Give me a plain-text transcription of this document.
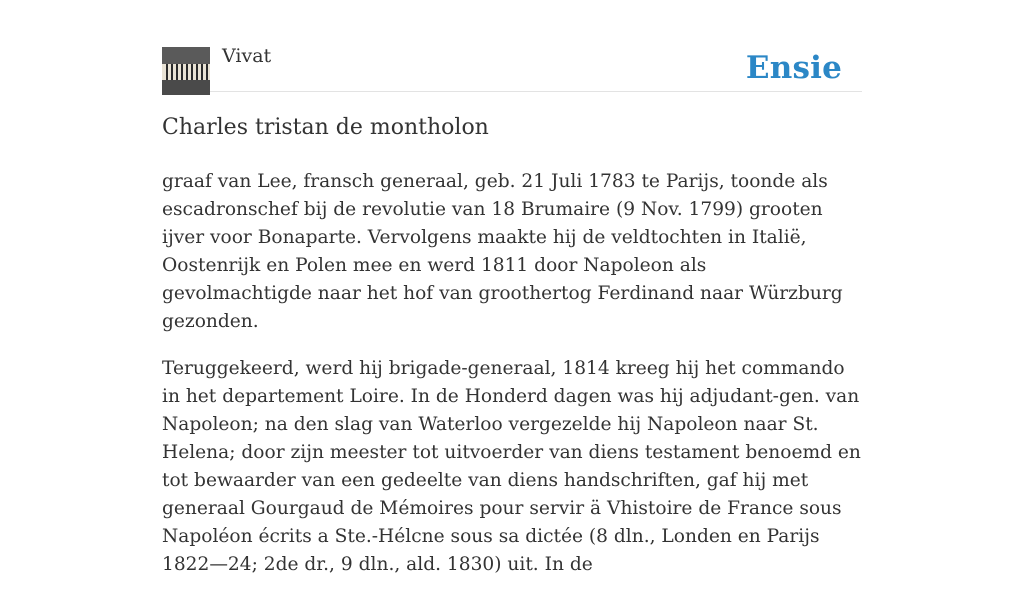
Vivat	Ensie
Charles tristan de montholon

graaf van Lee, fransch generaal, geb. 21 Juli 1783 te Parijs, toonde als escadronschef bij de revolutie van 18 Brumaire (9 Nov. 1799) grooten ijver voor Bonaparte. Vervolgens maakte hij de veldtochten in Italië, Oostenrijk en Polen mee en werd 1811 door Napoleon als gevolmachtigde naar het hof van groothertog Ferdinand naar Würzburg gezonden.

Teruggekeerd, werd hij brigade-generaal, 1814 kreeg hij het commando in het departement Loire. In de Honderd dagen was hij adjudant-gen. van Napoleon; na den slag van Waterloo vergezelde hij Napoleon naar St. Helena; door zijn meester tot uitvoerder van diens testament benoemd en tot bewaarder van een gedeelte van diens handschriften, gaf hij met generaal Gourgaud de Mémoires pour servir ä Vhistoire de France sous Napoléon écrits a Ste.-Hélcne sous sa dictée (8 dln., Londen en Parijs 1822—24; 2de dr., 9 dln., ald. 1830) uit. In de
